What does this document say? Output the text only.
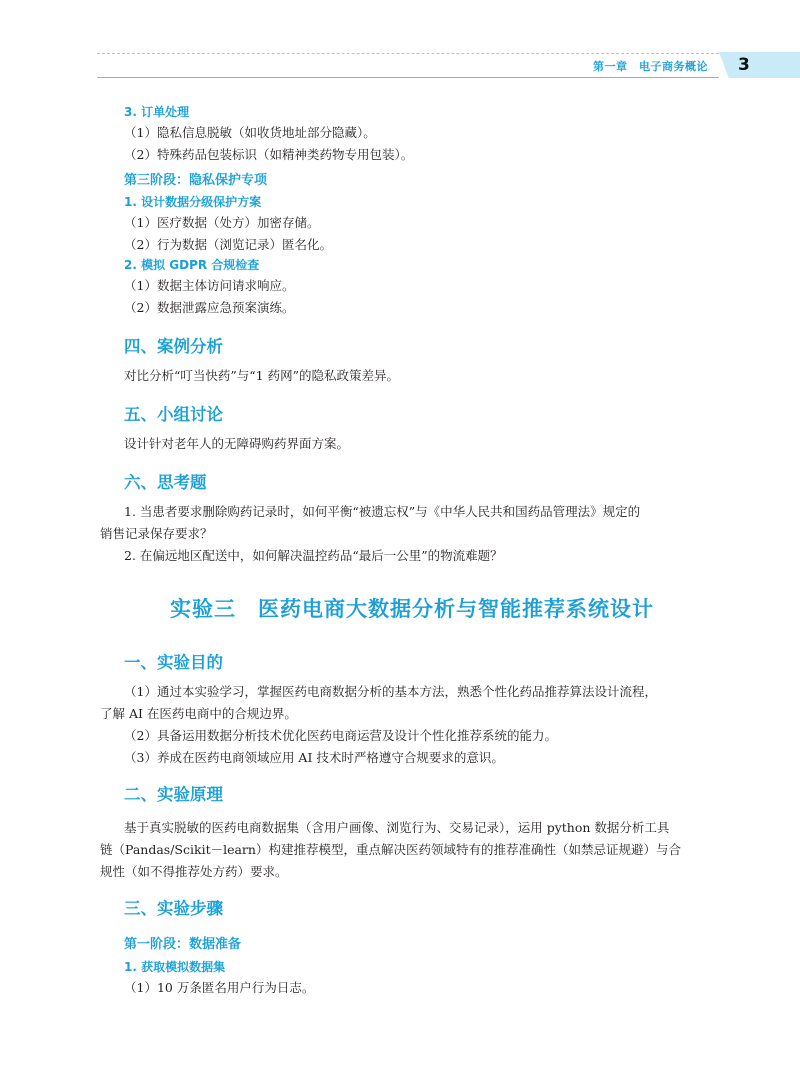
第一章　电子商务概论 3

3. 订单处理

（1）隐私信息脱敏（如收货地址部分隐藏）。

（2）特殊药品包装标识（如精神类药物专用包装）。

第三阶段：隐私保护专项

1. 设计数据分级保护方案

（1）医疗数据（处方）加密存储。

（2）行为数据（浏览记录）匿名化。

2. 模拟 GDPR 合规检查

（1）数据主体访问请求响应。

（2）数据泄露应急预案演练。

四、案例分析

对比分析“叮当快药”与“1 药网”的隐私政策差异。

五、小组讨论

设计针对老年人的无障碍购药界面方案。

六、思考题

1. 当患者要求删除购药记录时，如何平衡“被遗忘权”与《中华人民共和国药品管理法》规定的

销售记录保存要求？

2. 在偏远地区配送中，如何解决温控药品“最后一公里”的物流难题？

实验三　医药电商大数据分析与智能推荐系统设计

一、实验目的

（1）通过本实验学习，掌握医药电商数据分析的基本方法，熟悉个性化药品推荐算法设计流程，

了解 AI 在医药电商中的合规边界。

（2）具备运用数据分析技术优化医药电商运营及设计个性化推荐系统的能力。

（3）养成在医药电商领域应用 AI 技术时严格遵守合规要求的意识。

二、实验原理

基于真实脱敏的医药电商数据集（含用户画像、浏览行为、交易记录），运用 python 数据分析工具

链（Pandas/Scikit－learn）构建推荐模型，重点解决医药领域特有的推荐准确性（如禁忌证规避）与合

规性（如不得推荐处方药）要求。

三、实验步骤

第一阶段：数据准备

1. 获取模拟数据集

（1）10 万条匿名用户行为日志。
